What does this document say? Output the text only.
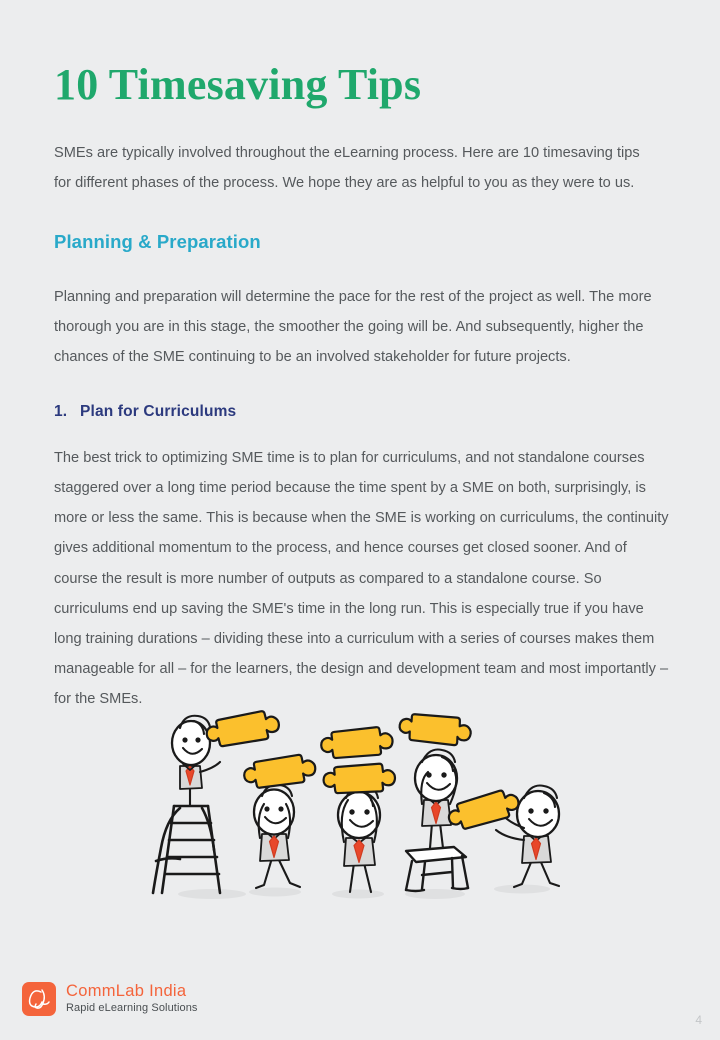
10 Timesaving Tips

SMEs are typically involved throughout the eLearning process. Here are 10 timesaving tips for different phases of the process. We hope they are as helpful to you as they were to us.

Planning & Preparation

Planning and preparation will determine the pace for the rest of the project as well. The more thorough you are in this stage, the smoother the going will be. And subsequently, higher the chances of the SME continuing to be an involved stakeholder for future projects.

1. Plan for Curriculums

The best trick to optimizing SME time is to plan for curriculums, and not standalone courses staggered over a long time period because the time spent by a SME on both, surprisingly, is more or less the same. This is because when the SME is working on curriculums, the continuity gives additional momentum to the process, and hence courses get closed sooner. And of course the result is more number of outputs as compared to a standalone course. So curriculums end up saving the SME's time in the long run. This is especially true if you have long training durations – dividing these into a curriculum with a series of courses makes them manageable for all – for the learners, the design and development team and most importantly – for the SMEs.

CommLab India
Rapid eLearning Solutions
4
